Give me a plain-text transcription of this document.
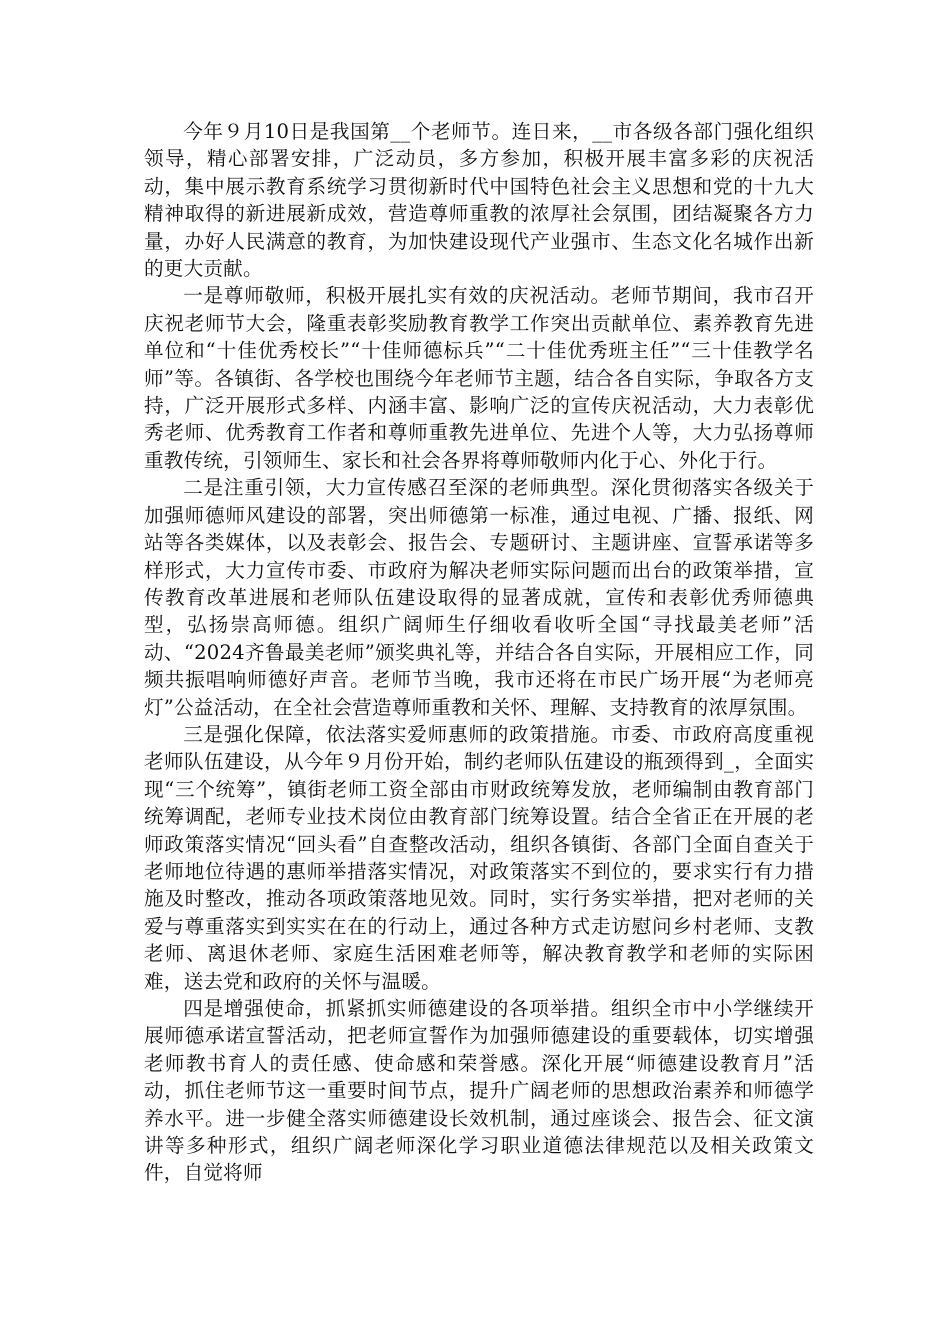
今年９月10日是我国第__个老师节。连日来，__市各级各部门强化组织领导，精心部署安排，广泛动员，多方参加，积极开展丰富多彩的庆祝活动，集中展示教育系统学习贯彻新时代中国特色社会主义思想和党的十九大精神取得的新进展新成效，营造尊师重教的浓厚社会氛围，团结凝聚各方力量，办好人民满意的教育，为加快建设现代产业强市、生态文化名城作出新的更大贡献。

一是尊师敬师，积极开展扎实有效的庆祝活动。老师节期间，我市召开庆祝老师节大会，隆重表彰奖励教育教学工作突出贡献单位、素养教育先进单位和“十佳优秀校长”“十佳师德标兵”“二十佳优秀班主任”“三十佳教学名师”等。各镇街、各学校也围绕今年老师节主题，结合各自实际，争取各方支持，广泛开展形式多样、内涵丰富、影响广泛的宣传庆祝活动，大力表彰优秀老师、优秀教育工作者和尊师重教先进单位、先进个人等，大力弘扬尊师重教传统，引领师生、家长和社会各界将尊师敬师内化于心、外化于行。

二是注重引领，大力宣传感召至深的老师典型。深化贯彻落实各级关于加强师德师风建设的部署，突出师德第一标准，通过电视、广播、报纸、网站等各类媒体，以及表彰会、报告会、专题研讨、主题讲座、宣誓承诺等多样形式，大力宣传市委、市政府为解决老师实际问题而出台的政策举措，宣传教育改革进展和老师队伍建设取得的显著成就，宣传和表彰优秀师德典型，弘扬崇高师德。组织广阔师生仔细收看收听全国“寻找最美老师”活动、“2024齐鲁最美老师”颁奖典礼等，并结合各自实际，开展相应工作，同频共振唱响师德好声音。老师节当晚，我市还将在市民广场开展“为老师亮灯”公益活动，在全社会营造尊师重教和关怀、理解、支持教育的浓厚氛围。

三是强化保障，依法落实爱师惠师的政策措施。市委、市政府高度重视老师队伍建设，从今年９月份开始，制约老师队伍建设的瓶颈得到_，全面实现“三个统筹”，镇街老师工资全部由市财政统筹发放，老师编制由教育部门统筹调配，老师专业技术岗位由教育部门统筹设置。结合全省正在开展的老师政策落实情况“回头看”自查整改活动，组织各镇街、各部门全面自查关于老师地位待遇的惠师举措落实情况，对政策落实不到位的，要求实行有力措施及时整改，推动各项政策落地见效。同时，实行务实举措，把对老师的关爱与尊重落实到实实在在的行动上，通过各种方式走访慰问乡村老师、支教老师、离退休老师、家庭生活困难老师等，解决教育教学和老师的实际困难，送去党和政府的关怀与温暖。

四是增强使命，抓紧抓实师德建设的各项举措。组织全市中小学继续开展师德承诺宣誓活动，把老师宣誓作为加强师德建设的重要载体，切实增强老师教书育人的责任感、使命感和荣誉感。深化开展“师德建设教育月”活动，抓住老师节这一重要时间节点，提升广阔老师的思想政治素养和师德学养水平。进一步健全落实师德建设长效机制，通过座谈会、报告会、征文演讲等多种形式，组织广阔老师深化学习职业道德法律规范以及相关政策文件，自觉将师
